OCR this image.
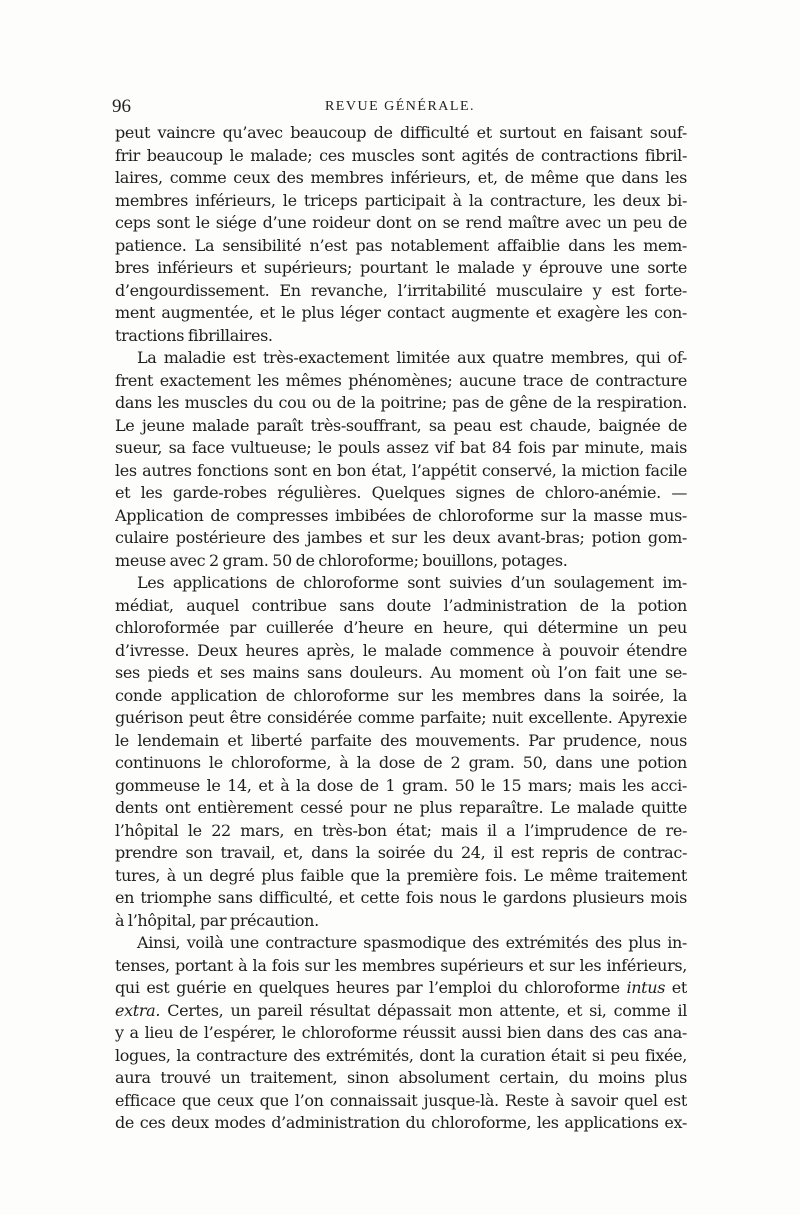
96	REVUE GÉNÉRALE.
peut vaincre qu’avec beaucoup de difficulté et surtout en faisant souf-
frir beaucoup le malade; ces muscles sont agités de contractions fibril-
laires, comme ceux des membres inférieurs, et, de même que dans les
membres inférieurs, le triceps participait à la contracture, les deux bi-
ceps sont le siége d’une roideur dont on se rend maître avec un peu de
patience. La sensibilité n’est pas notablement affaiblie dans les mem-
bres inférieurs et supérieurs; pourtant le malade y éprouve une sorte
d’engourdissement. En revanche, l’irritabilité musculaire y est forte-
ment augmentée, et le plus léger contact augmente et exagère les con-
tractions fibrillaires.
La maladie est très-exactement limitée aux quatre membres, qui of-
frent exactement les mêmes phénomènes; aucune trace de contracture
dans les muscles du cou ou de la poitrine; pas de gêne de la respiration.
Le jeune malade paraît très-souffrant, sa peau est chaude, baignée de
sueur, sa face vultueuse; le pouls assez vif bat 84 fois par minute, mais
les autres fonctions sont en bon état, l’appétit conservé, la miction facile
et les garde-robes régulières. Quelques signes de chloro-anémie. —
Application de compresses imbibées de chloroforme sur la masse mus-
culaire postérieure des jambes et sur les deux avant-bras; potion gom-
meuse avec 2 gram. 50 de chloroforme; bouillons, potages.
Les applications de chloroforme sont suivies d’un soulagement im-
médiat, auquel contribue sans doute l’administration de la potion
chloroformée par cuillerée d’heure en heure, qui détermine un peu
d’ivresse. Deux heures après, le malade commence à pouvoir étendre
ses pieds et ses mains sans douleurs. Au moment où l’on fait une se-
conde application de chloroforme sur les membres dans la soirée, la
guérison peut être considérée comme parfaite; nuit excellente. Apyrexie
le lendemain et liberté parfaite des mouvements. Par prudence, nous
continuons le chloroforme, à la dose de 2 gram. 50, dans une potion
gommeuse le 14, et à la dose de 1 gram. 50 le 15 mars; mais les acci-
dents ont entièrement cessé pour ne plus reparaître. Le malade quitte
l’hôpital le 22 mars, en très-bon état; mais il a l’imprudence de re-
prendre son travail, et, dans la soirée du 24, il est repris de contrac-
tures, à un degré plus faible que la première fois. Le même traitement
en triomphe sans difficulté, et cette fois nous le gardons plusieurs mois
à l’hôpital, par précaution.
Ainsi, voilà une contracture spasmodique des extrémités des plus in-
tenses, portant à la fois sur les membres supérieurs et sur les inférieurs,
qui est guérie en quelques heures par l’emploi du chloroforme intus et
extra. Certes, un pareil résultat dépassait mon attente, et si, comme il
y a lieu de l’espérer, le chloroforme réussit aussi bien dans des cas ana-
logues, la contracture des extrémités, dont la curation était si peu fixée,
aura trouvé un traitement, sinon absolument certain, du moins plus
efficace que ceux que l’on connaissait jusque-là. Reste à savoir quel est
de ces deux modes d’administration du chloroforme, les applications ex-
